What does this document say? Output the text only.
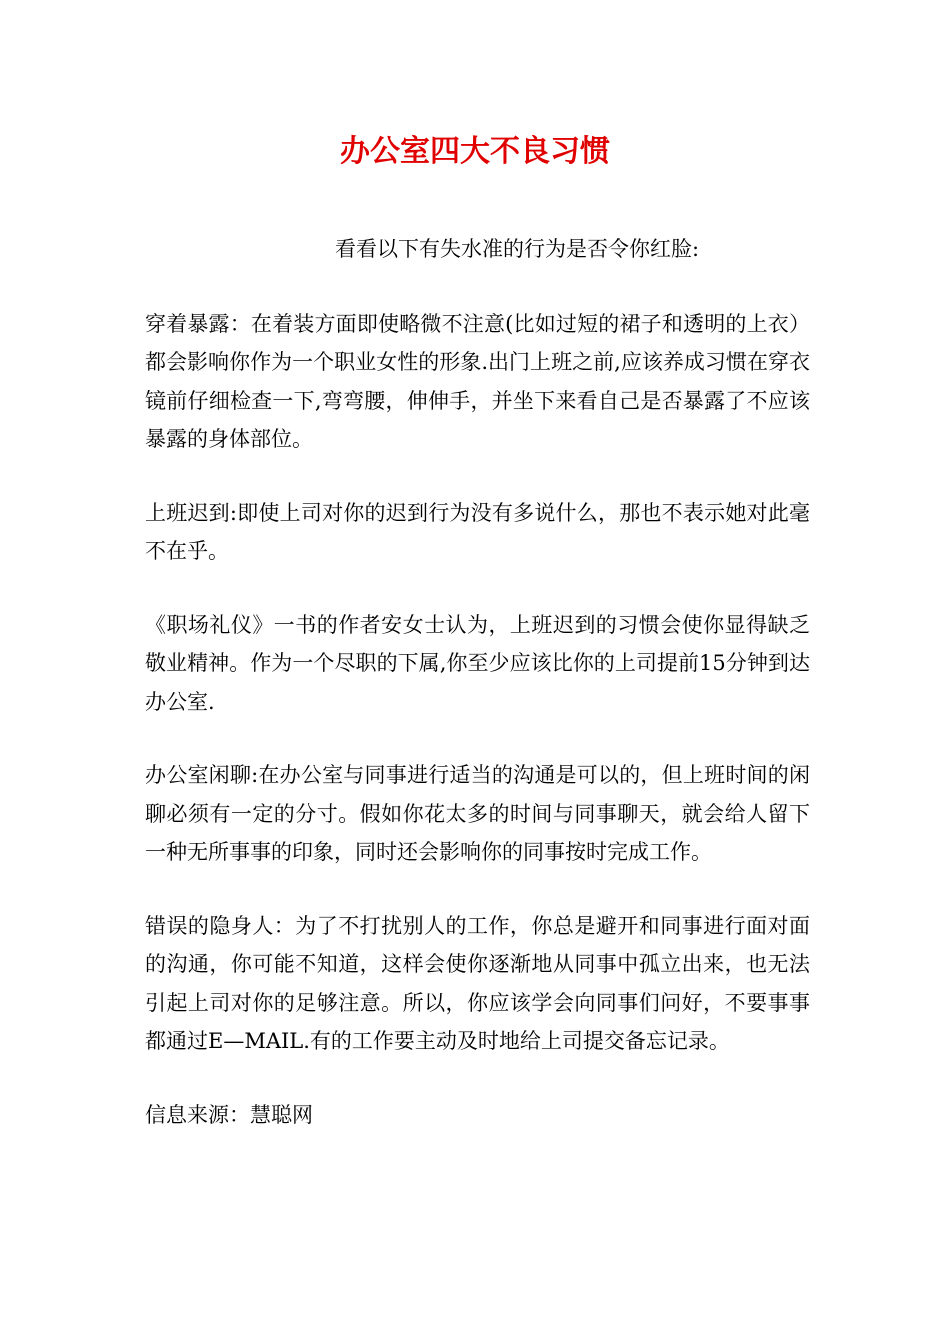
办公室四大不良习惯

看看以下有失水准的行为是否令你红脸:

穿着暴露：在着装方面即使略微不注意(比如过短的裙子和透明的上衣）都会影响你作为一个职业女性的形象.出门上班之前,应该养成习惯在穿衣镜前仔细检查一下,弯弯腰，伸伸手，并坐下来看自己是否暴露了不应该暴露的身体部位。

上班迟到:即使上司对你的迟到行为没有多说什么，那也不表示她对此毫不在乎。

《职场礼仪》一书的作者安女士认为，上班迟到的习惯会使你显得缺乏敬业精神。作为一个尽职的下属,你至少应该比你的上司提前15分钟到达办公室.

办公室闲聊:在办公室与同事进行适当的沟通是可以的，但上班时间的闲聊必须有一定的分寸。假如你花太多的时间与同事聊天，就会给人留下一种无所事事的印象，同时还会影响你的同事按时完成工作。

错误的隐身人：为了不打扰别人的工作，你总是避开和同事进行面对面的沟通，你可能不知道，这样会使你逐渐地从同事中孤立出来，也无法引起上司对你的足够注意。所以，你应该学会向同事们问好，不要事事都通过E—MAIL.有的工作要主动及时地给上司提交备忘记录。

信息来源：慧聪网
